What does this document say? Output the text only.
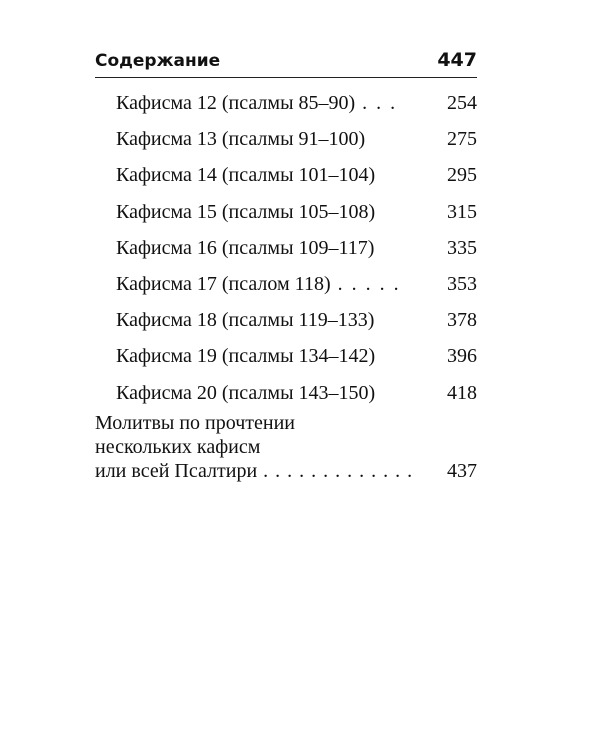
Содержание	447
Кафисма 12 (псалмы 85–90) . . . 254
Кафисма 13 (псалмы 91–100)	275
Кафисма 14 (псалмы 101–104)	295
Кафисма 15 (псалмы 105–108)	315
Кафисма 16 (псалмы 109–117)	335
Кафисма 17 (псалом 118) . . . . . 353
Кафисма 18 (псалмы 119–133)	378
Кафисма 19 (псалмы 134–142)	396
Кафисма 20 (псалмы 143–150)	418
Молитвы по прочтении
нескольких кафисм
или всей Псалтири . . . . . . . . . . . . . 437
